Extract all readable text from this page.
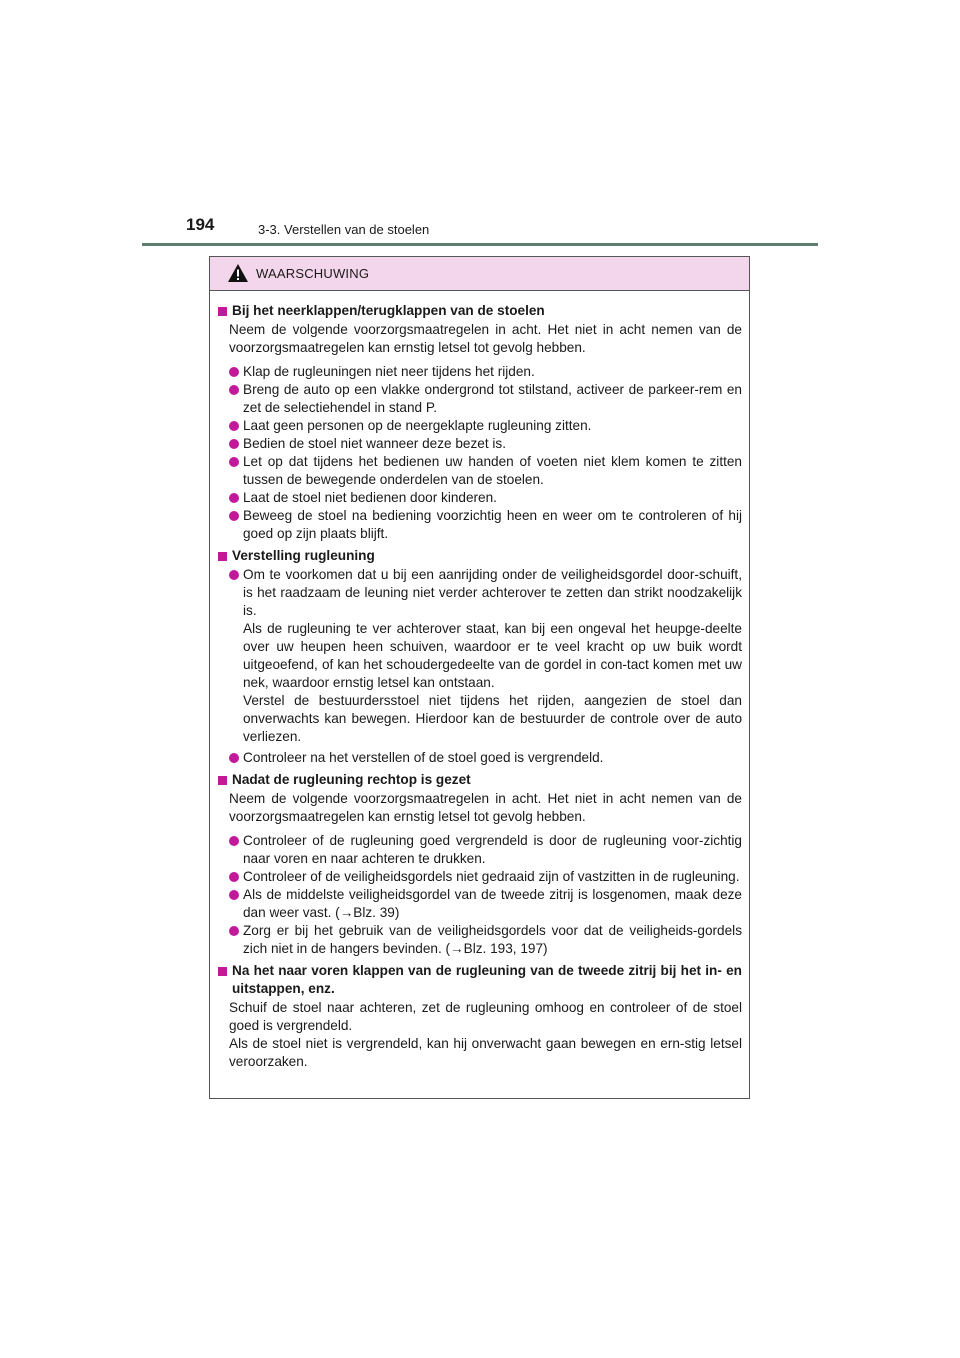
194	3-3. Verstellen van de stoelen
WAARSCHUWING
Bij het neerklappen/terugklappen van de stoelen
Neem de volgende voorzorgsmaatregelen in acht. Het niet in acht nemen van de voorzorgsmaatregelen kan ernstig letsel tot gevolg hebben.
Klap de rugleuningen niet neer tijdens het rijden.
Breng de auto op een vlakke ondergrond tot stilstand, activeer de parkeer-rem en zet de selectiehendel in stand P.
Laat geen personen op de neergeklapte rugleuning zitten.
Bedien de stoel niet wanneer deze bezet is.
Let op dat tijdens het bedienen uw handen of voeten niet klem komen te zitten tussen de bewegende onderdelen van de stoelen.
Laat de stoel niet bedienen door kinderen.
Beweeg de stoel na bediening voorzichtig heen en weer om te controleren of hij goed op zijn plaats blijft.
Verstelling rugleuning
Om te voorkomen dat u bij een aanrijding onder de veiligheidsgordel door-schuift, is het raadzaam de leuning niet verder achterover te zetten dan strikt noodzakelijk is.
Als de rugleuning te ver achterover staat, kan bij een ongeval het heupge-deelte over uw heupen heen schuiven, waardoor er te veel kracht op uw buik wordt uitgeoefend, of kan het schoudergedeelte van de gordel in con-tact komen met uw nek, waardoor ernstig letsel kan ontstaan.
Verstel de bestuurdersstoel niet tijdens het rijden, aangezien de stoel dan onverwachts kan bewegen. Hierdoor kan de bestuurder de controle over de auto verliezen.
Controleer na het verstellen of de stoel goed is vergrendeld.
Nadat de rugleuning rechtop is gezet
Neem de volgende voorzorgsmaatregelen in acht. Het niet in acht nemen van de voorzorgsmaatregelen kan ernstig letsel tot gevolg hebben.
Controleer of de rugleuning goed vergrendeld is door de rugleuning voor-zichtig naar voren en naar achteren te drukken.
Controleer of de veiligheidsgordels niet gedraaid zijn of vastzitten in de rugleuning.
Als de middelste veiligheidsgordel van de tweede zitrij is losgenomen, maak deze dan weer vast. (→Blz. 39)
Zorg er bij het gebruik van de veiligheidsgordels voor dat de veiligheids-gordels zich niet in de hangers bevinden. (→Blz. 193, 197)
Na het naar voren klappen van de rugleuning van de tweede zitrij bij het in- en uitstappen, enz.
Schuif de stoel naar achteren, zet de rugleuning omhoog en controleer of de stoel goed is vergrendeld.
Als de stoel niet is vergrendeld, kan hij onverwacht gaan bewegen en ern-stig letsel veroorzaken.
